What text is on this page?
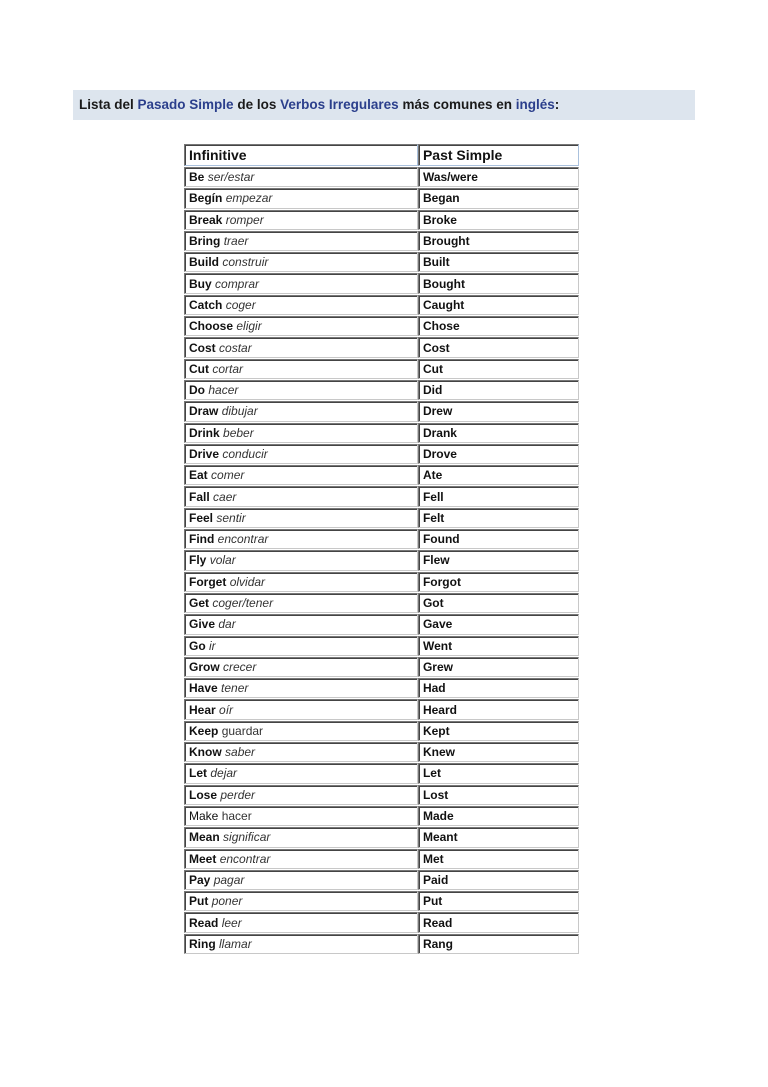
Lista del Pasado Simple de los Verbos Irregulares más comunes en inglés:
Infinitive	Past Simple
Be ser/estar	Was/were
Begín empezar	Began
Break romper	Broke
Bring traer	Brought
Build construir	Built
Buy comprar	Bought
Catch coger	Caught
Choose eligir	Chose
Cost costar	Cost
Cut cortar	Cut
Do hacer	Did
Draw dibujar	Drew
Drink beber	Drank
Drive conducir	Drove
Eat comer	Ate
Fall caer	Fell
Feel sentir	Felt
Find encontrar	Found
Fly volar	Flew
Forget olvidar	Forgot
Get coger/tener	Got
Give dar	Gave
Go ir	Went
Grow crecer	Grew
Have tener	Had
Hear oír	Heard
Keep guardar	Kept
Know saber	Knew
Let dejar	Let
Lose perder	Lost
Make hacer	Made
Mean significar	Meant
Meet encontrar	Met
Pay pagar	Paid
Put poner	Put
Read leer	Read
Ring llamar	Rang
